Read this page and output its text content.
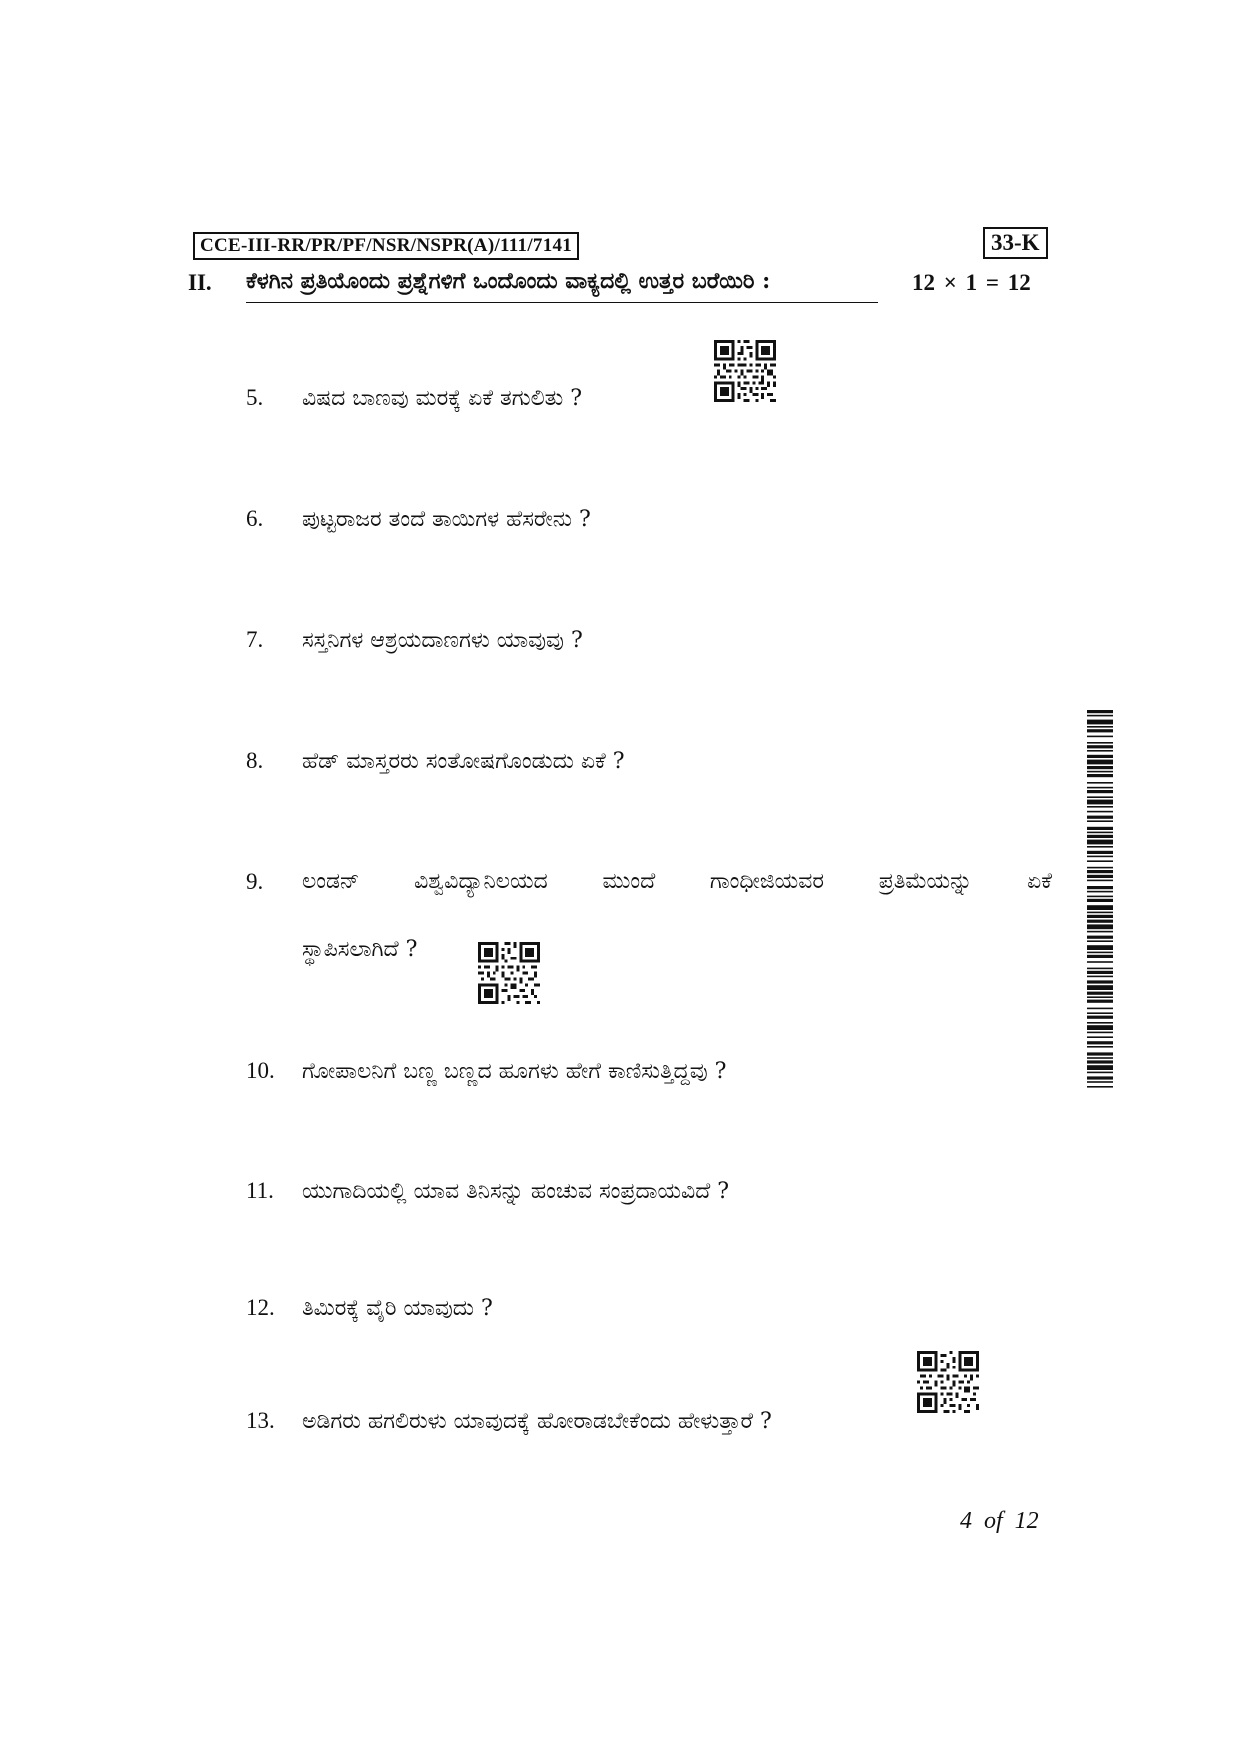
CCE-III-RR/PR/PF/NSR/NSPR(A)/111/7141	33-K
II. ಕೆಳಗಿನ ಪ್ರತಿಯೊಂದು ಪ್ರಶ್ನೆಗಳಿಗೆ ಒಂದೊಂದು ವಾಕ್ಯದಲ್ಲಿ ಉತ್ತರ ಬರೆಯಿರಿ :	12 × 1 = 12
5. ವಿಷದ ಬಾಣವು ಮರಕ್ಕೆ ಏಕೆ ತಗುಲಿತು ?
6. ಪುಟ್ಟರಾಜರ ತಂದೆ ತಾಯಿಗಳ ಹೆಸರೇನು ?
7. ಸಸ್ತನಿಗಳ ಆಶ್ರಯದಾಣಗಳು ಯಾವುವು ?
8. ಹೆಡ್ ಮಾಸ್ತರರು ಸಂತೋಷಗೊಂಡುದು ಏಕೆ ?
9.	ಲಂಡನ್ ವಿಶ್ವವಿದ್ಯಾನಿಲಯದ ಮುಂದೆ ಗಾಂಧೀಜಿಯವರ ಪ್ರತಿಮೆಯನ್ನು ಏಕೆ
ಸ್ಥಾಪಿಸಲಾಗಿದೆ ?
10. ಗೋಪಾಲನಿಗೆ ಬಣ್ಣ ಬಣ್ಣದ ಹೂಗಳು ಹೇಗೆ ಕಾಣಿಸುತ್ತಿದ್ದವು ?
11. ಯುಗಾದಿಯಲ್ಲಿ ಯಾವ ತಿನಿಸನ್ನು ಹಂಚುವ ಸಂಪ್ರದಾಯವಿದೆ ?
12. ತಿಮಿರಕ್ಕೆ ವೈರಿ ಯಾವುದು ?
13. ಅಡಿಗರು ಹಗಲಿರುಳು ಯಾವುದಕ್ಕೆ ಹೋರಾಡಬೇಕೆಂದು ಹೇಳುತ್ತಾರೆ ?
4 of 12
